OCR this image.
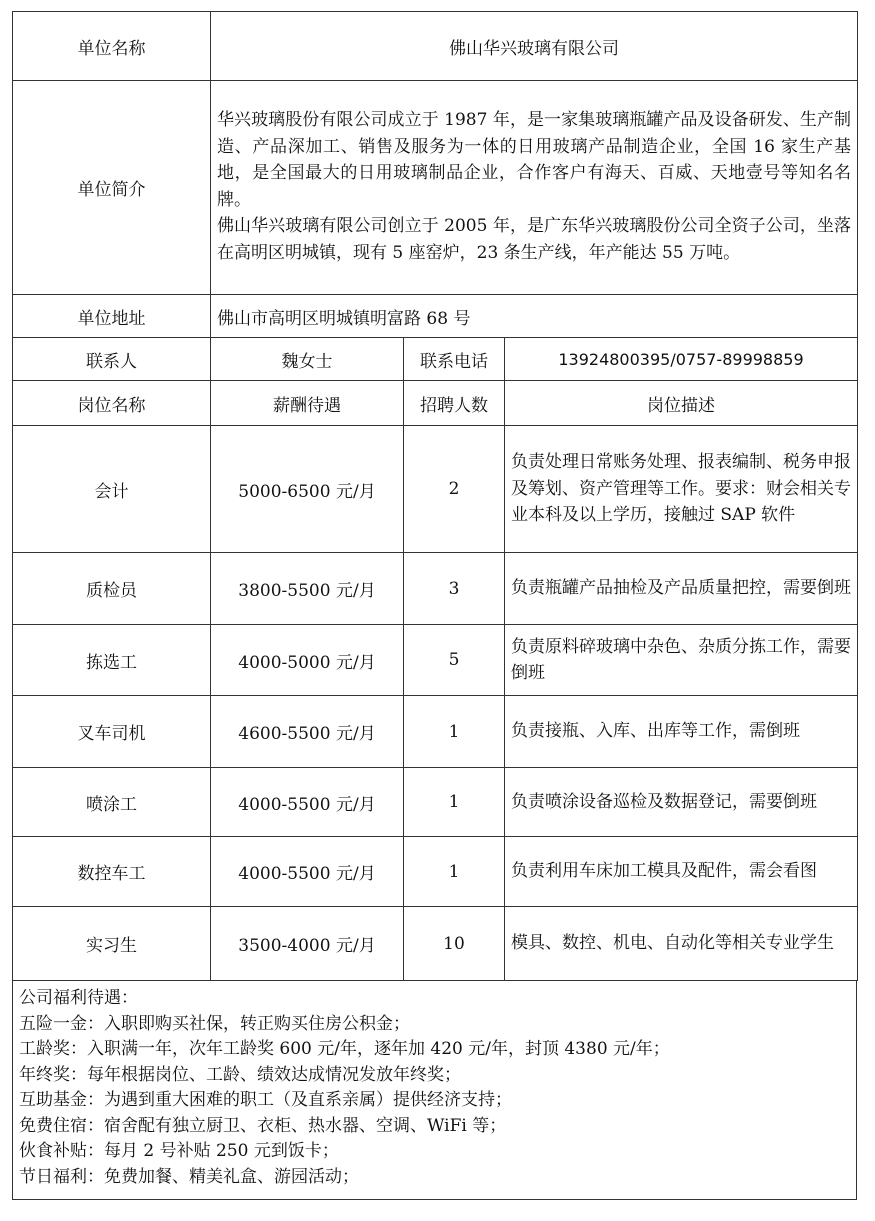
单位名称	佛山华兴玻璃有限公司		
单位简介	华兴玻璃股份有限公司成立于 1987 年，是一家集玻璃瓶罐产品及设备研发、生产制造、产品深加工、销售及服务为一体的日用玻璃产品制造企业，全国 16 家生产基地，是全国最大的日用玻璃制品企业，合作客户有海天、百威、天地壹号等知名名牌。
佛山华兴玻璃有限公司创立于 2005 年，是广东华兴玻璃股份公司全资子公司，坐落在高明区明城镇，现有 5 座窑炉，23 条生产线，年产能达 55 万吨。		

单位地址	佛山市高明区明城镇明富路 68 号		
联系人	魏女士	联系电话	13924800395/0757-89998859
岗位名称	薪酬待遇	招聘人数	岗位描述
会计	5000-6500 元/月	2	负责处理日常账务处理、报表编制、税务申报及筹划、资产管理等工作。要求：财会相关专业本科及以上学历，接触过 SAP 软件
质检员	3800-5500 元/月	3	负责瓶罐产品抽检及产品质量把控，需要倒班
拣选工	4000-5000 元/月	5	负责原料碎玻璃中杂色、杂质分拣工作，需要倒班
叉车司机	4600-5500 元/月	1	负责接瓶、入库、出库等工作，需倒班
喷涂工	4000-5500 元/月	1	负责喷涂设备巡检及数据登记，需要倒班
数控车工	4000-5500 元/月	1	负责利用车床加工模具及配件，需会看图
实习生	3500-4000 元/月	10	模具、数控、机电、自动化等相关专业学生
公司福利待遇：
五险一金：入职即购买社保，转正购买住房公积金；
工龄奖：入职满一年，次年工龄奖 600 元/年，逐年加 420 元/年，封顶 4380 元/年；
年终奖：每年根据岗位、工龄、绩效达成情况发放年终奖；
互助基金：为遇到重大困难的职工（及直系亲属）提供经济支持；
免费住宿：宿舍配有独立厨卫、衣柜、热水器、空调、WiFi 等；
伙食补贴：每月 2 号补贴 250 元到饭卡；
节日福利：免费加餐、精美礼盒、游园活动；
